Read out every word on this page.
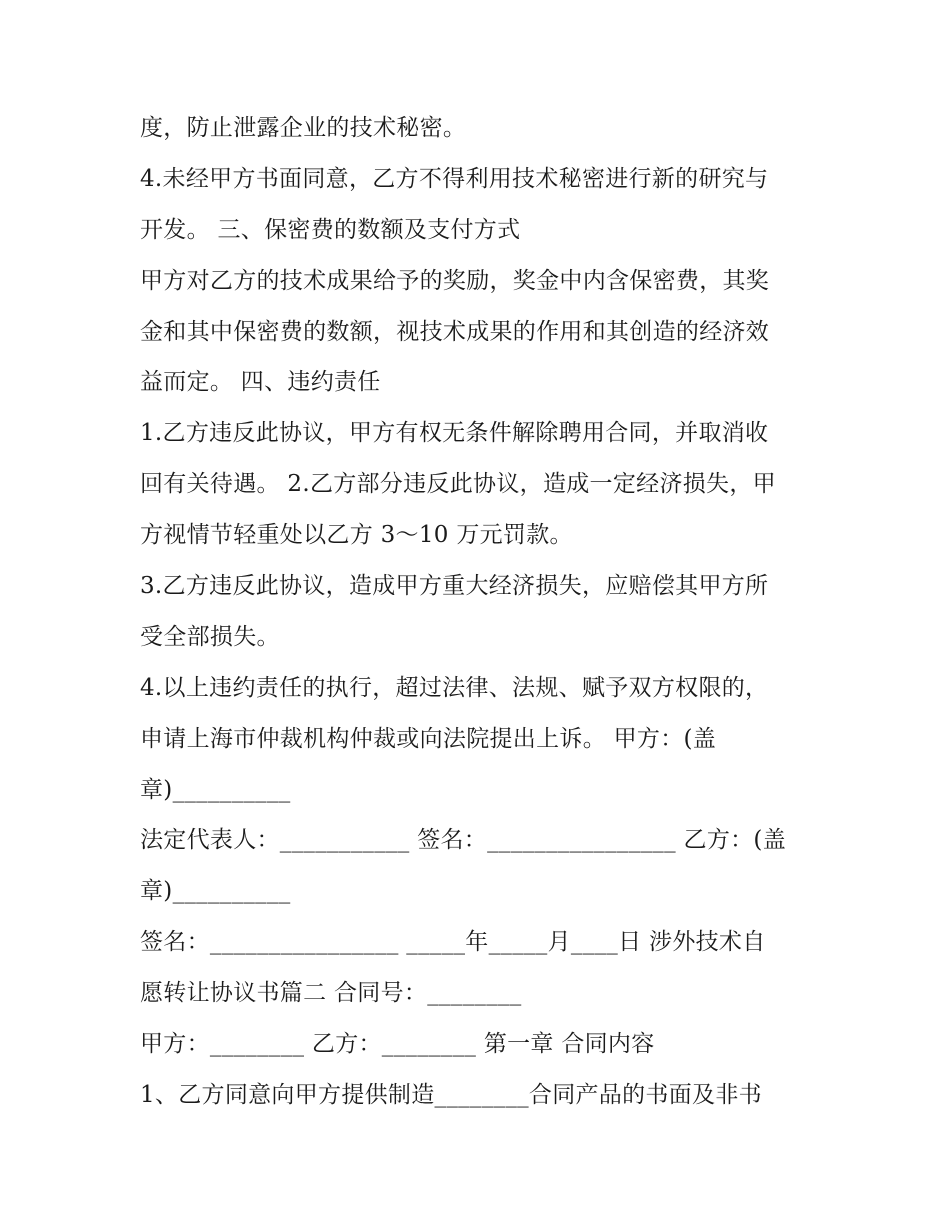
度，防止泄露企业的技术秘密。
4.未经甲方书面同意，乙方不得利用技术秘密进行新的研究与
开发。 三、保密费的数额及支付方式
甲方对乙方的技术成果给予的奖励，奖金中内含保密费，其奖
金和其中保密费的数额，视技术成果的作用和其创造的经济效
益而定。 四、违约责任
1.乙方违反此协议，甲方有权无条件解除聘用合同，并取消收
回有关待遇。 2.乙方部分违反此协议，造成一定经济损失，甲
方视情节轻重处以乙方 3～10 万元罚款。
3.乙方违反此协议，造成甲方重大经济损失，应赔偿其甲方所
受全部损失。
4.以上违约责任的执行，超过法律、法规、赋予双方权限的，
申请上海市仲裁机构仲裁或向法院提出上诉。 甲方：(盖
章)__________
法定代表人：___________ 签名：________________ 乙方：(盖
章)__________
签名：________________ _____年_____月____日 涉外技术自
愿转让协议书篇二 合同号：________
甲方：________ 乙方：________ 第一章 合同内容
1、乙方同意向甲方提供制造________合同产品的书面及非书
